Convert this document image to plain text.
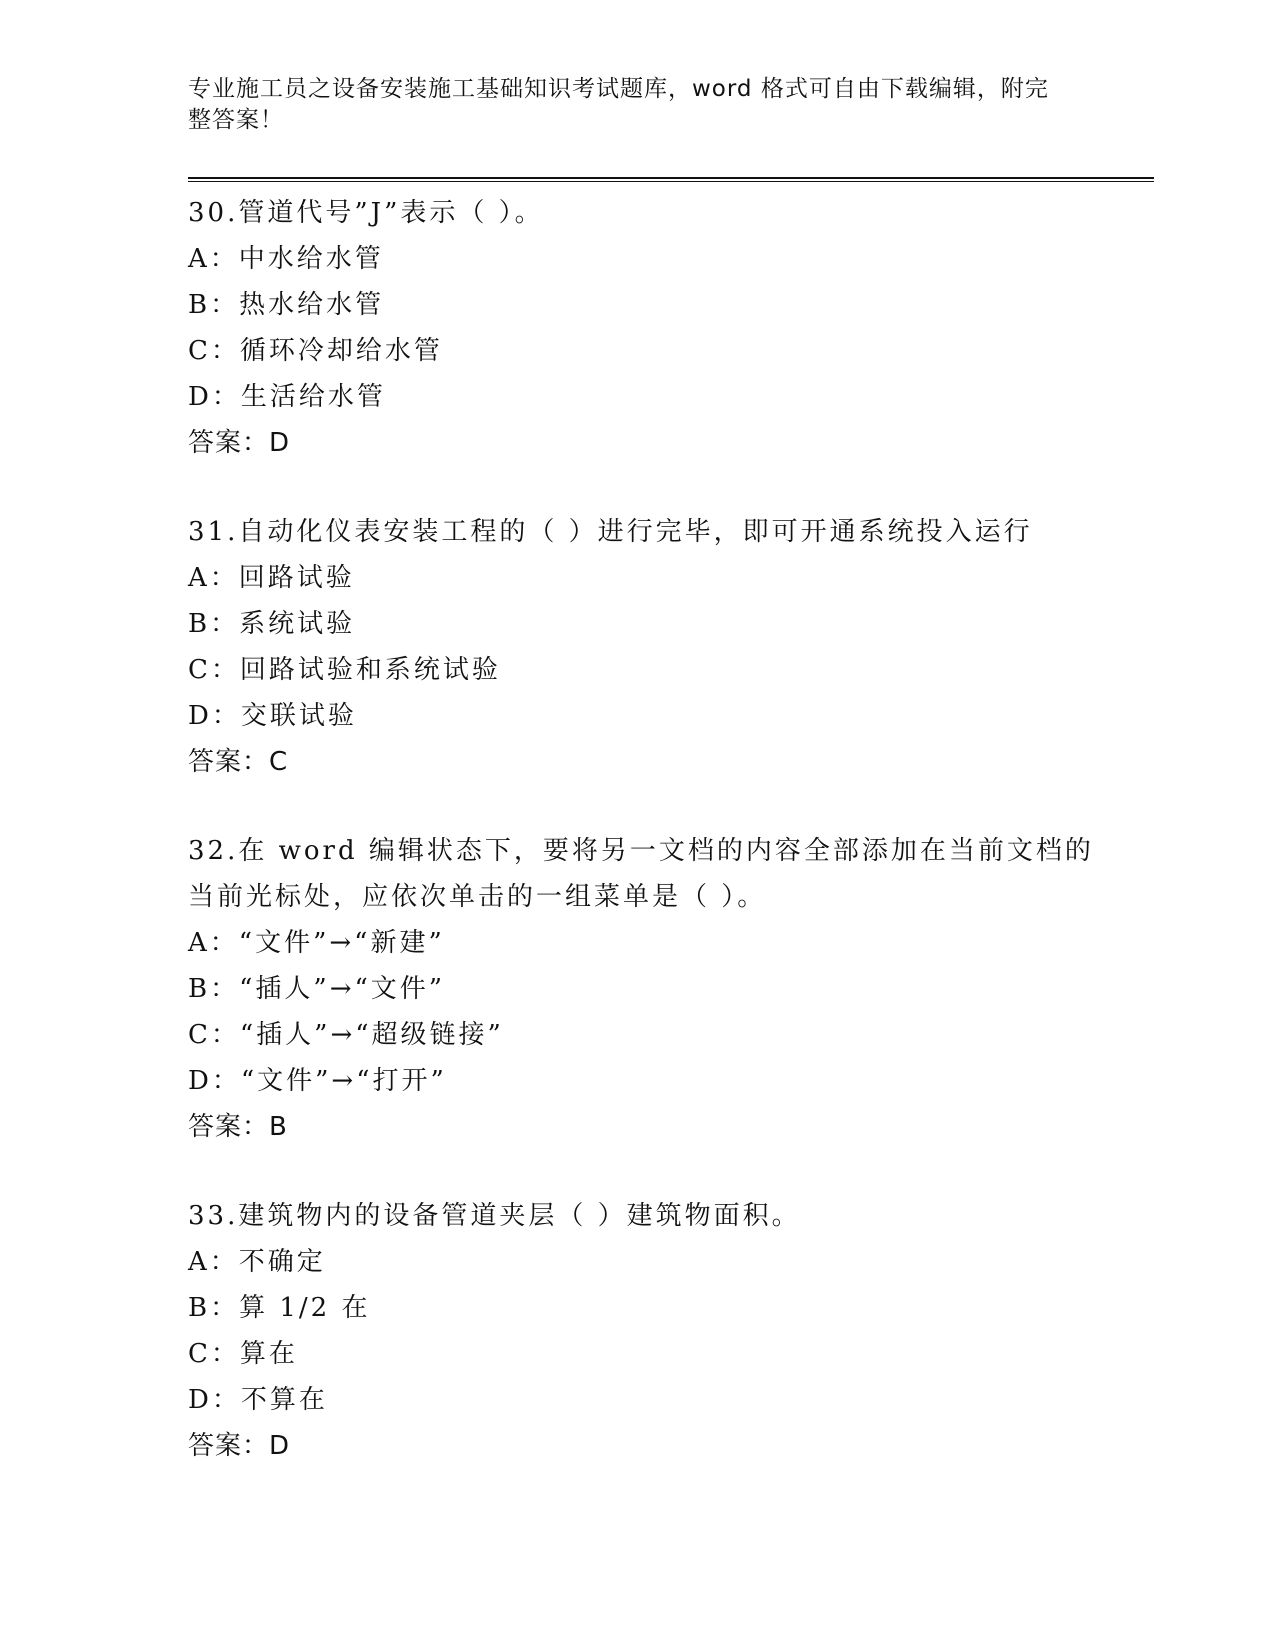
专业施工员之设备安装施工基础知识考试题库，word 格式可自由下载编辑，附完
整答案！
30.管道代号”J”表示（ ）。
A：中水给水管
B：热水给水管
C：循环冷却给水管
D：生活给水管
答案：D
31.自动化仪表安装工程的（ ）进行完毕，即可开通系统投入运行
A：回路试验
B：系统试验
C：回路试验和系统试验
D：交联试验
答案：C
32.在 word 编辑状态下，要将另一文档的内容全部添加在当前文档的
当前光标处，应依次单击的一组菜单是（ ）。
A：“文件”→“新建”
B：“插人”→“文件”
C：“插人”→“超级链接”
D：“文件”→“打开”
答案：B
33.建筑物内的设备管道夹层（ ）建筑物面积。
A：不确定
B：算 1/2 在
C：算在
D：不算在
答案：D
